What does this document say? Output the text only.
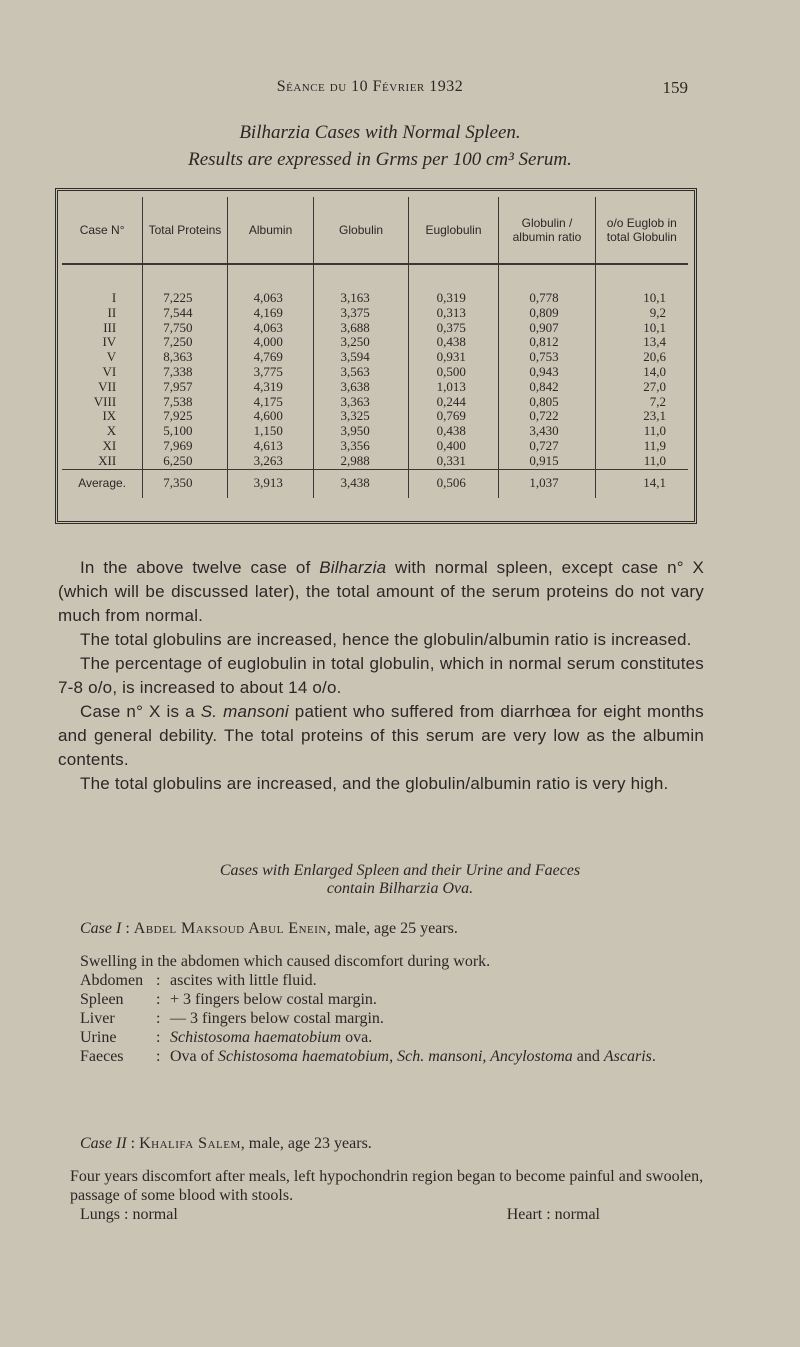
Séance du 10 Février 1932	159
Bilharzia Cases with Normal Spleen.
Results are expressed in Grms per 100 cm³ Serum.
Case N°	Total Proteins	Albumin	Globulin	Euglobulin	Globulin / albumin ratio	o/o Euglob in total Globulin

I	7,225	4,063	3,163	0,319	0,778	10,1
II	7,544	4,169	3,375	0,313	0,809	9,2
III	7,750	4,063	3,688	0,375	0,907	10,1
IV	7,250	4,000	3,250	0,438	0,812	13,4
V	8,363	4,769	3,594	0,931	0,753	20,6
VI	7,338	3,775	3,563	0,500	0,943	14,0
VII	7,957	4,319	3,638	1,013	0,842	27,0
VIII	7,538	4,175	3,363	0,244	0,805	7,2
IX	7,925	4,600	3,325	0,769	0,722	23,1
X	5,100	1,150	3,950	0,438	3,430	11,0
XI	7,969	4,613	3,356	0,400	0,727	11,9
XII	6,250	3,263	2,988	0,331	0,915	11,0
Average.	7,350	3,913	3,438	0,506	1,037	14,1

In the above twelve case of Bilharzia with normal spleen, except case n° X (which will be discussed later), the total amount of the serum proteins do not vary much from normal.

The total globulins are increased, hence the globulin/albumin ratio is increased.

The percentage of euglobulin in total globulin, which in normal serum constitutes 7-8 o/o, is increased to about 14 o/o.

Case n° X is a S. mansoni patient who suffered from diarrhœa for eight months and general debility. The total proteins of this serum are very low as the albumin contents.

The total globulins are increased, and the globulin/albumin ratio is very high.

Cases with Enlarged Spleen and their Urine and Faeces
contain Bilharzia Ova.
Case I : Abdel Maksoud Abul Enein, male, age 25 years.
Swelling in the abdomen which caused discomfort during work.
Abdomen : ascites with little fluid.
Spleen	: + 3 fingers below costal margin.
Liver	: — 3 fingers below costal margin.
Urine	: Schistosoma haematobium ova.
Faeces	: Ova of Schistosoma haematobium, Sch. mansoni, Ancylostoma and Ascaris.
Case II : Khalifa Salem, male, age 23 years.
Four years discomfort after meals, left hypochondrin region began to become painful and swoolen, passage of some blood with stools.
Lungs : normal	Heart : normal
